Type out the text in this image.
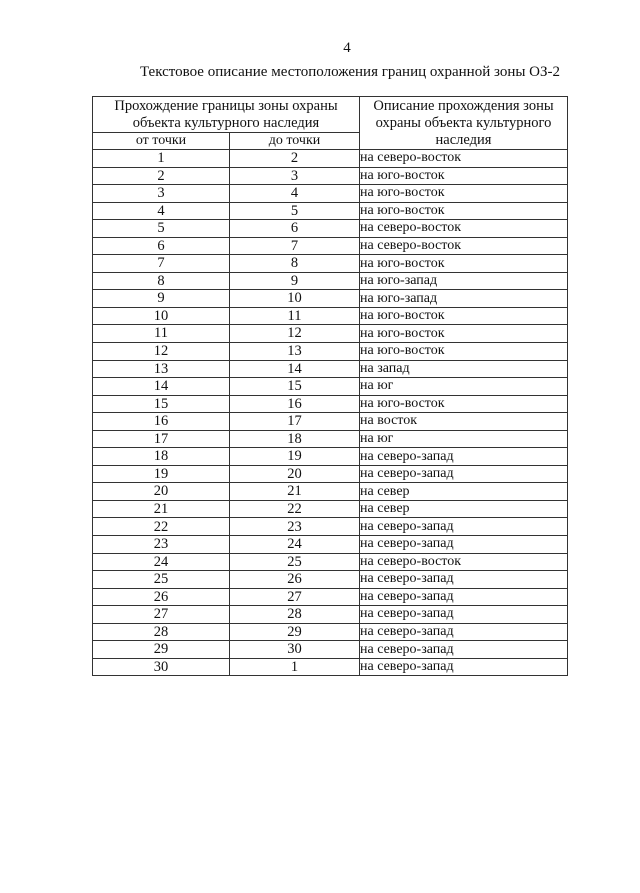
4
Текстовое описание местоположения границ охранной зоны ОЗ-2
Прохождение границы зоны охраны объекта культурного наследия		Описание прохождения зоны охраны объекта культурного наследия
от точки	до точки	
1	2	на северо-восток
2	3	на юго-восток
3	4	на юго-восток
4	5	на юго-восток
5	6	на северо-восток
6	7	на северо-восток
7	8	на юго-восток
8	9	на юго-запад
9	10	на юго-запад
10	11	на юго-восток
11	12	на юго-восток
12	13	на юго-восток
13	14	на запад
14	15	на юг
15	16	на юго-восток
16	17	на восток
17	18	на юг
18	19	на северо-запад
19	20	на северо-запад
20	21	на север
21	22	на север
22	23	на северо-запад
23	24	на северо-запад
24	25	на северо-восток
25	26	на северо-запад
26	27	на северо-запад
27	28	на северо-запад
28	29	на северо-запад
29	30	на северо-запад
30	1	на северо-запад
